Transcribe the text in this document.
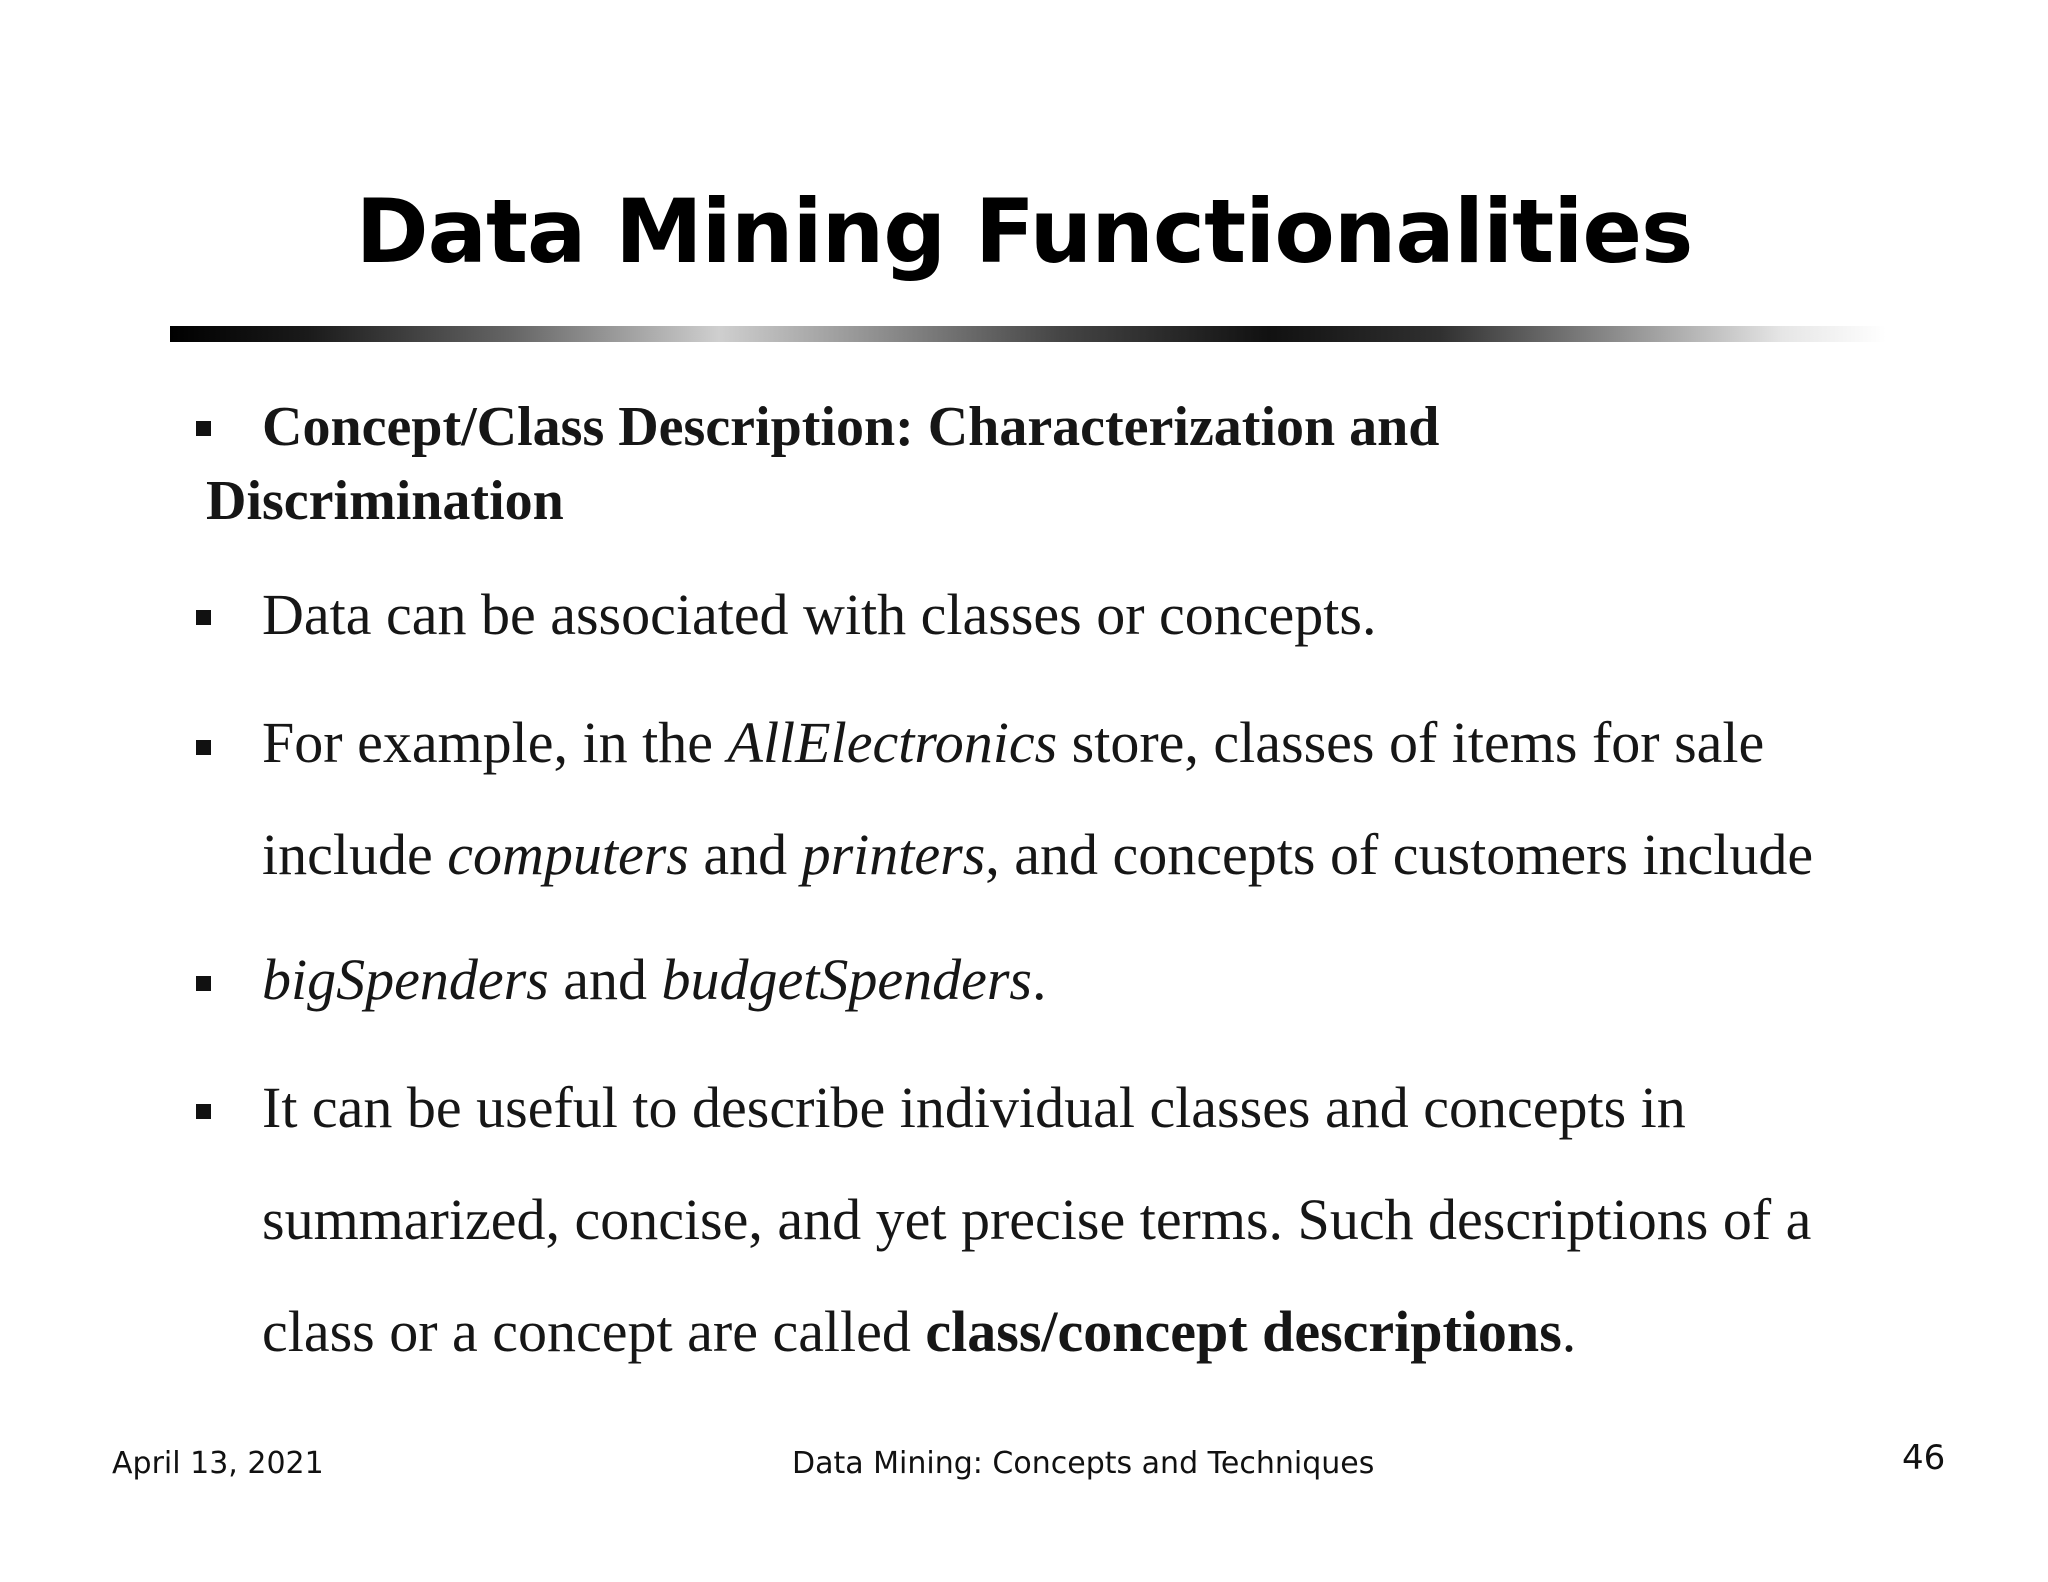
Data Mining Functionalities
Concept/Class Description: Characterization and
Discrimination
Data can be associated with classes or concepts.
For example, in the AllElectronics store, classes of items for sale
include computers and printers, and concepts of customers include
bigSpenders and budgetSpenders.
It can be useful to describe individual classes and concepts in
summarized, concise, and yet precise terms. Such descriptions of a
class or a concept are called class/concept descriptions.
April 13, 2021	Data Mining: Concepts and Techniques	46
